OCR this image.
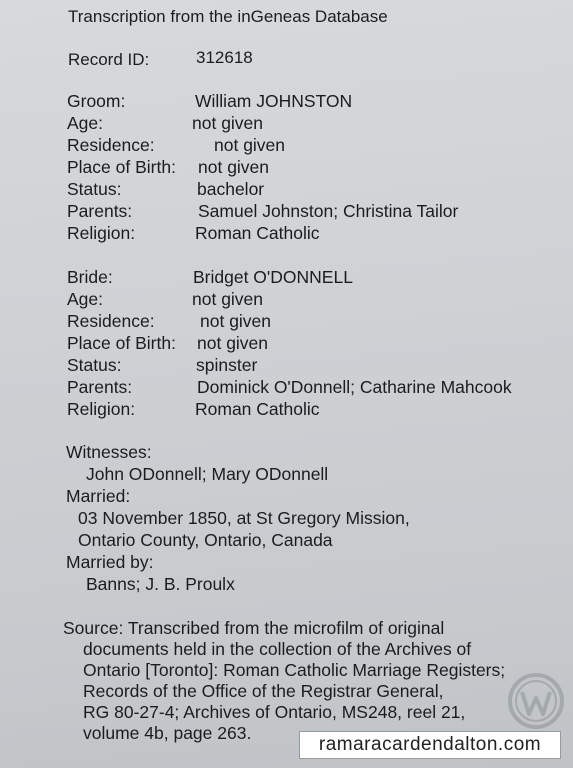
Transcription from the inGeneas Database
Record ID:	312618
Groom:	William JOHNSTON
Age:	not given
Residence:	not given
Place of Birth: not given
Status:	bachelor
Parents:	Samuel Johnston; Christina Tailor
Religion:	Roman Catholic
Bride:	Bridget O'DONNELL
Age:	not given
Residence:	not given
Place of Birth: not given
Status:	spinster
Parents:	Dominick O'Donnell; Catharine Mahcook
Religion:	Roman Catholic
Witnesses:
John ODonnell; Mary ODonnell
Married:
03 November 1850, at St Gregory Mission,
Ontario County, Ontario, Canada
Married by:
Banns; J. B. Proulx
Source: Transcribed from the microfilm of original
documents held in the collection of the Archives of
Ontario [Toronto]: Roman Catholic Marriage Registers;
Records of the Office of the Registrar General,
RG 80-27-4; Archives of Ontario, MS248, reel 21,
volume 4b, page 263.
ramaracardendalton.com
